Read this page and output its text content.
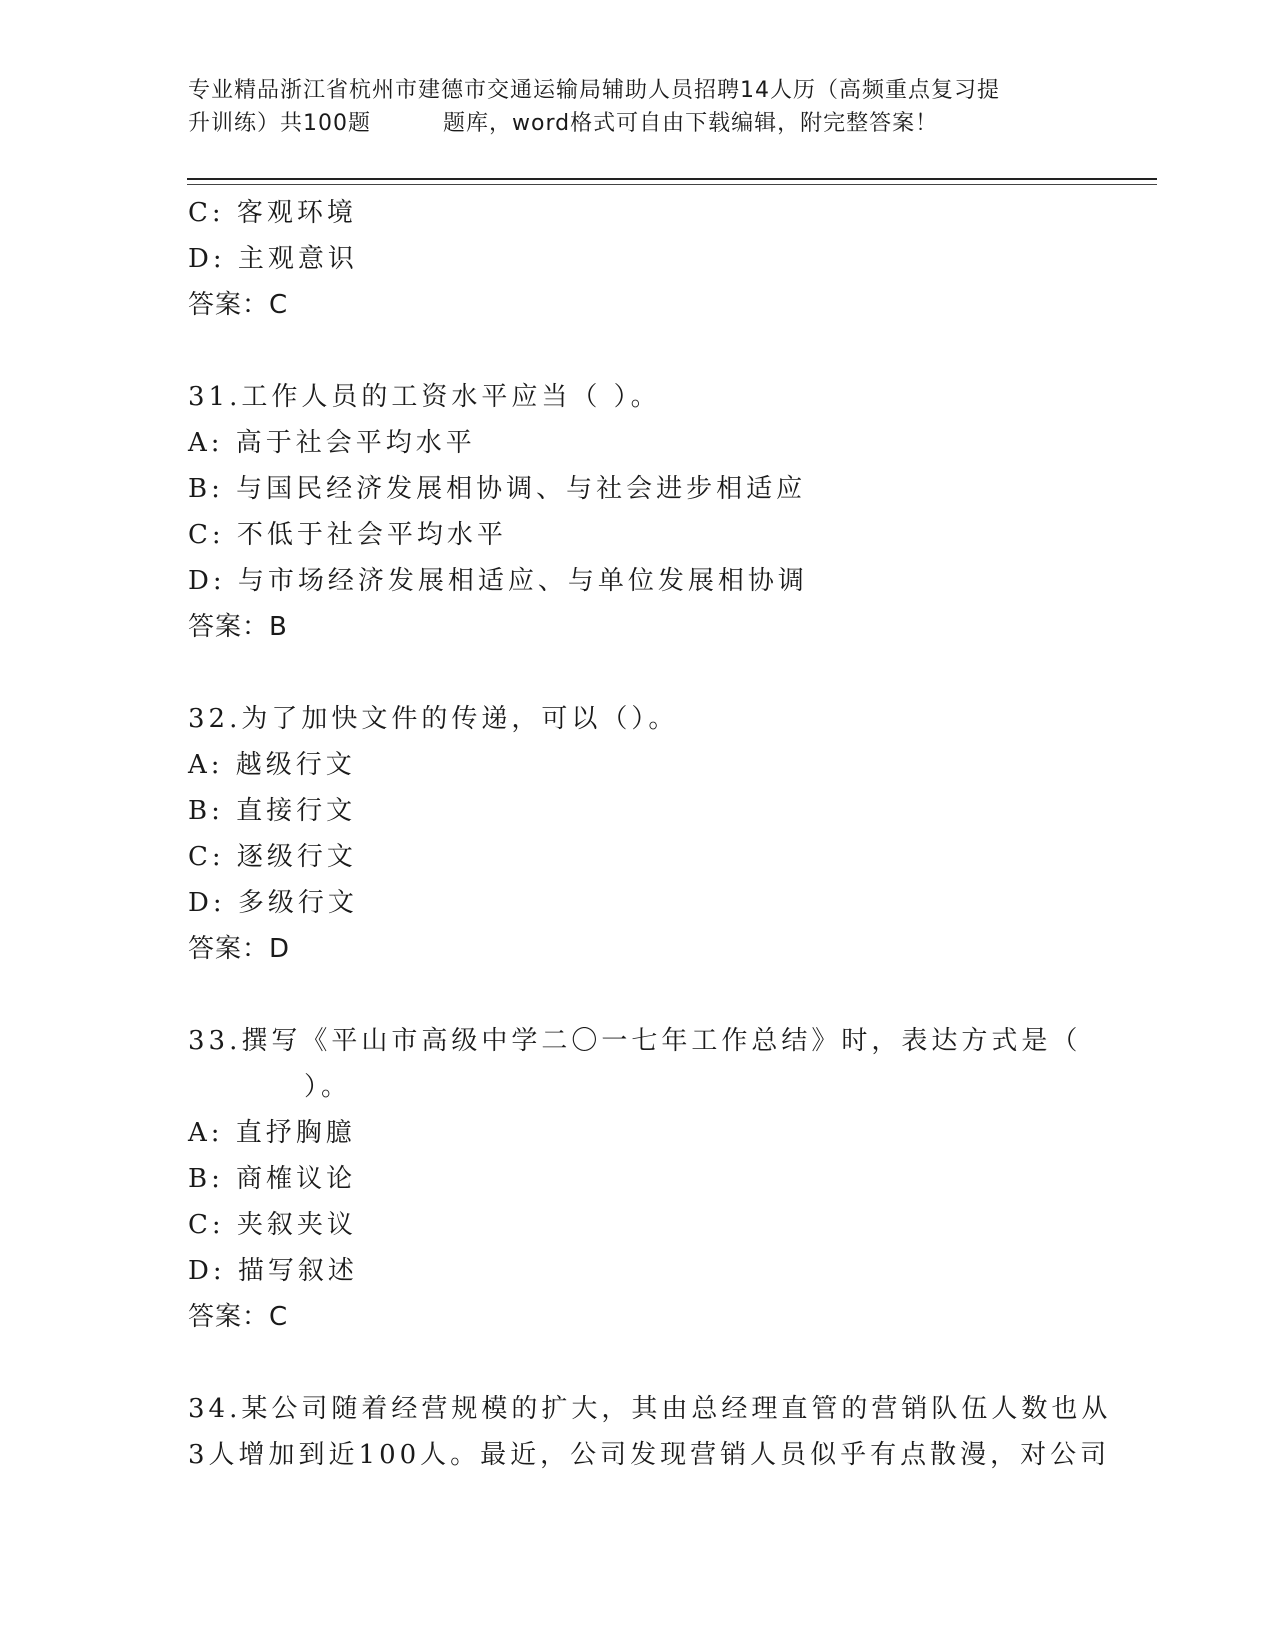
专业精品浙江省杭州市建德市交通运输局辅助人员招聘14人历（高频重点复习提
升训练）共100题	题库，word格式可自由下载编辑，附完整答案！
C: 客观环境
D: 主观意识
答案：C
31.工作人员的工资水平应当（ ）。
A: 高于社会平均水平
B: 与国民经济发展相协调、与社会进步相适应
C: 不低于社会平均水平
D: 与市场经济发展相适应、与单位发展相协调
答案：B
32.为了加快文件的传递，可以（）。
A: 越级行文
B: 直接行文
C: 逐级行文
D: 多级行文
答案：D
33.撰写《平山市高级中学二〇一七年工作总结》时，表达方式是（
）。
A: 直抒胸臆
B: 商榷议论
C: 夹叙夹议
D: 描写叙述
答案：C
34.某公司随着经营规模的扩大，其由总经理直管的营销队伍人数也从
3人增加到近100人。最近，公司发现营销人员似乎有点散漫，对公司
